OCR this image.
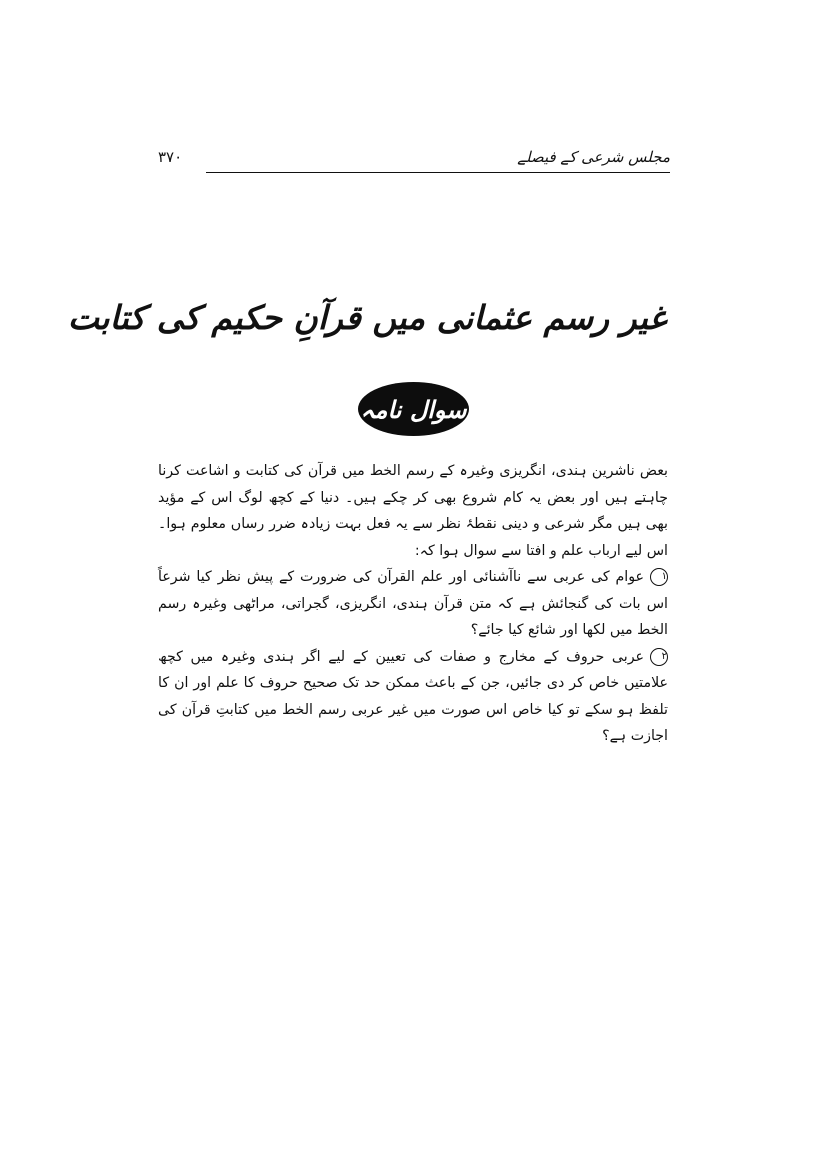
مجلس شرعی کے فیصلے
۳۷۰
غیر رسم عثمانی میں قرآنِ حکیم کی کتابت
سوال نامہ

بعض ناشرین ہندی، انگریزی وغیرہ کے رسم الخط میں قرآن کی کتابت و اشاعت کرنا چاہتے ہیں اور بعض یہ کام شروع بھی کر چکے ہیں۔ دنیا کے کچھ لوگ اس کے مؤید بھی ہیں مگر شرعی و دینی نقطۂ نظر سے یہ فعل بہت زیادہ ضرر رساں معلوم ہوا۔ اس لیے ارباب علم و افتا سے سوال ہوا کہ:

۱عوام کی عربی سے ناآشنائی اور علم القرآن کی ضرورت کے پیش نظر کیا شرعاً اس بات کی گنجائش ہے کہ متن قرآن ہندی، انگریزی، گجراتی، مراٹھی وغیرہ رسم الخط میں لکھا اور شائع کیا جائے؟

۲عربی حروف کے مخارج و صفات کی تعیین کے لیے اگر ہندی وغیرہ میں کچھ علامتیں خاص کر دی جائیں، جن کے باعث ممکن حد تک صحیح حروف کا علم اور ان کا تلفظ ہو سکے تو کیا خاص اس صورت میں غیر عربی رسم الخط میں کتابتِ قرآن کی اجازت ہے؟
